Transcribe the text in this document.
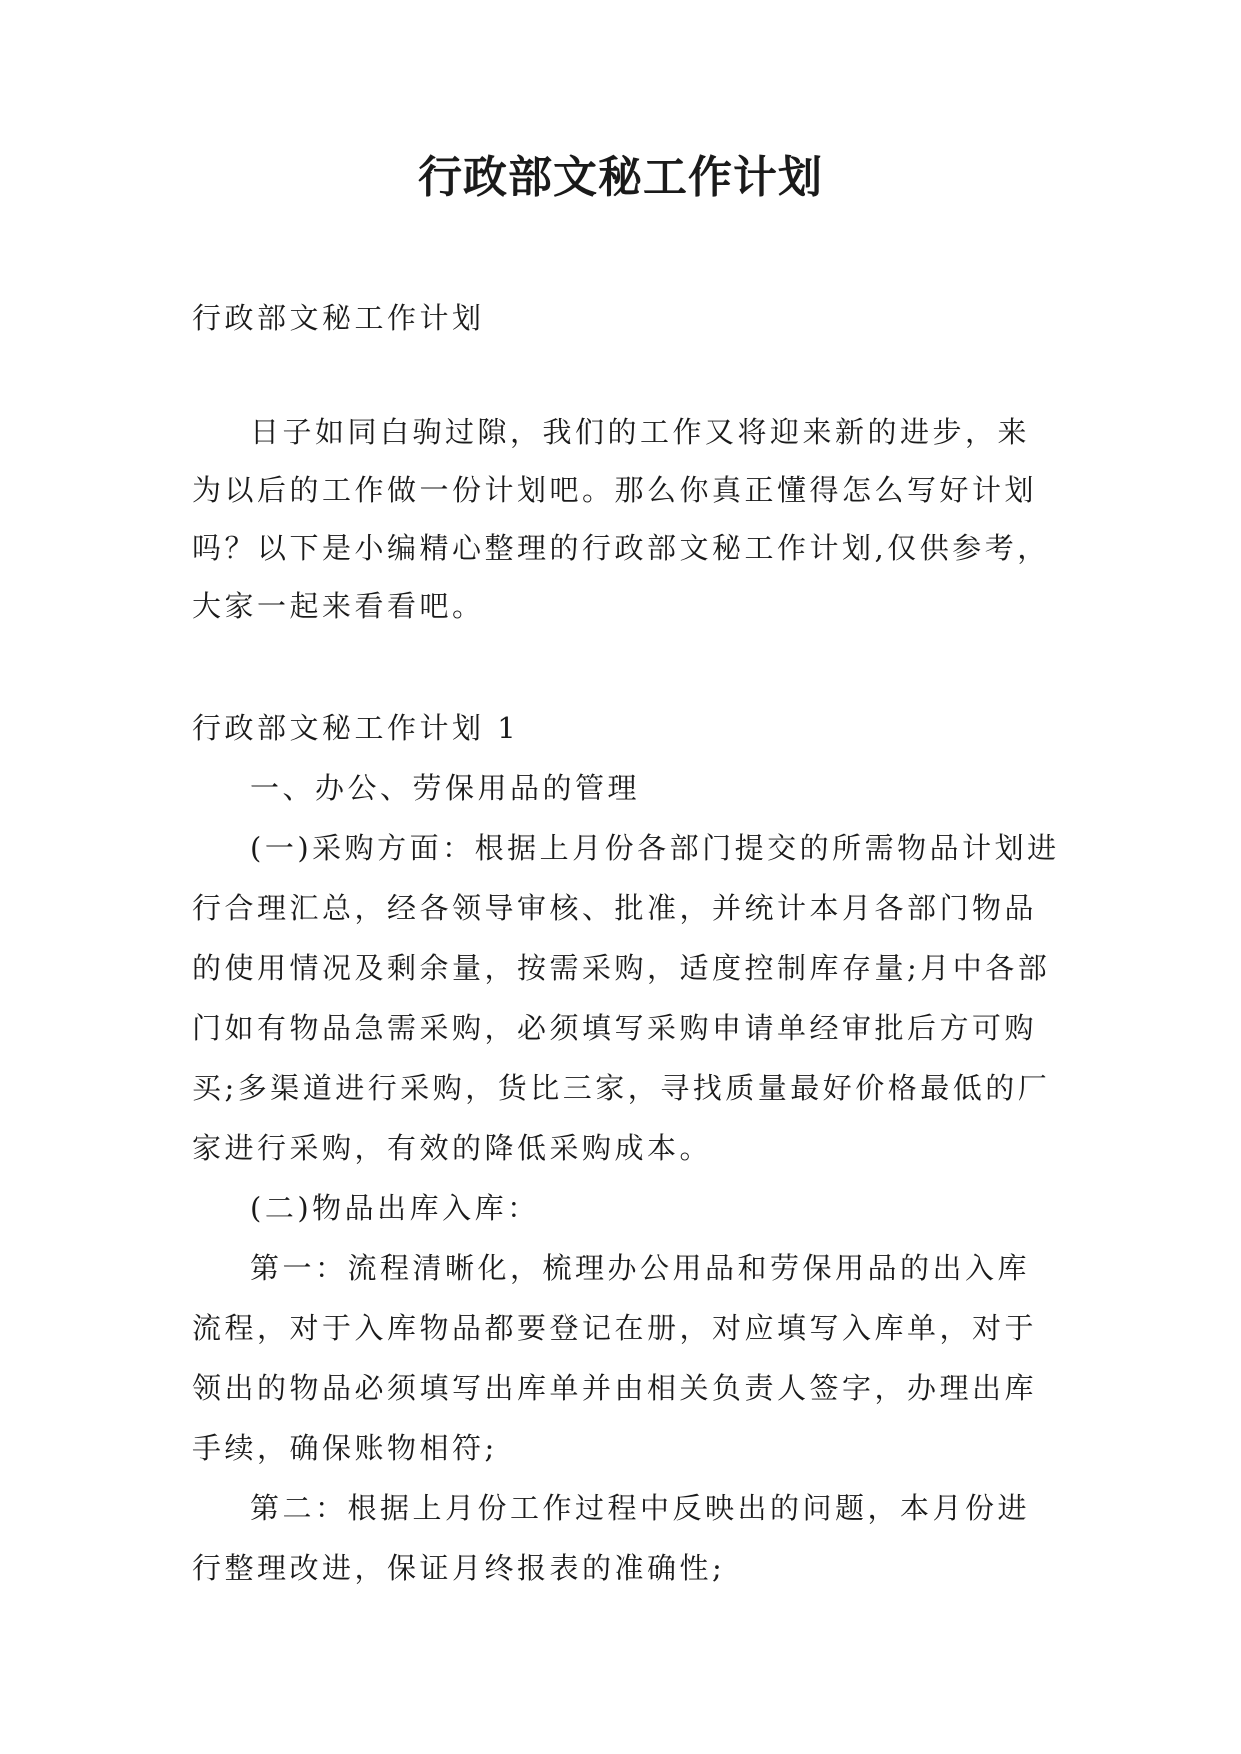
行政部文秘工作计划
行政部文秘工作计划

日子如同白驹过隙，我们的工作又将迎来新的进步，来为以后的工作做一份计划吧。那么你真正懂得怎么写好计划吗？以下是小编精心整理的行政部文秘工作计划,仅供参考，大家一起来看看吧。

行政部文秘工作计划 1

一、办公、劳保用品的管理

(一)采购方面：根据上月份各部门提交的所需物品计划进行合理汇总，经各领导审核、批准，并统计本月各部门物品的使用情况及剩余量，按需采购，适度控制库存量;月中各部门如有物品急需采购，必须填写采购申请单经审批后方可购买;多渠道进行采购，货比三家，寻找质量最好价格最低的厂家进行采购，有效的降低采购成本。

(二)物品出库入库：

第一：流程清晰化，梳理办公用品和劳保用品的出入库流程，对于入库物品都要登记在册，对应填写入库单，对于领出的物品必须填写出库单并由相关负责人签字，办理出库手续，确保账物相符;

第二：根据上月份工作过程中反映出的问题，本月份进行整理改进，保证月终报表的准确性;
